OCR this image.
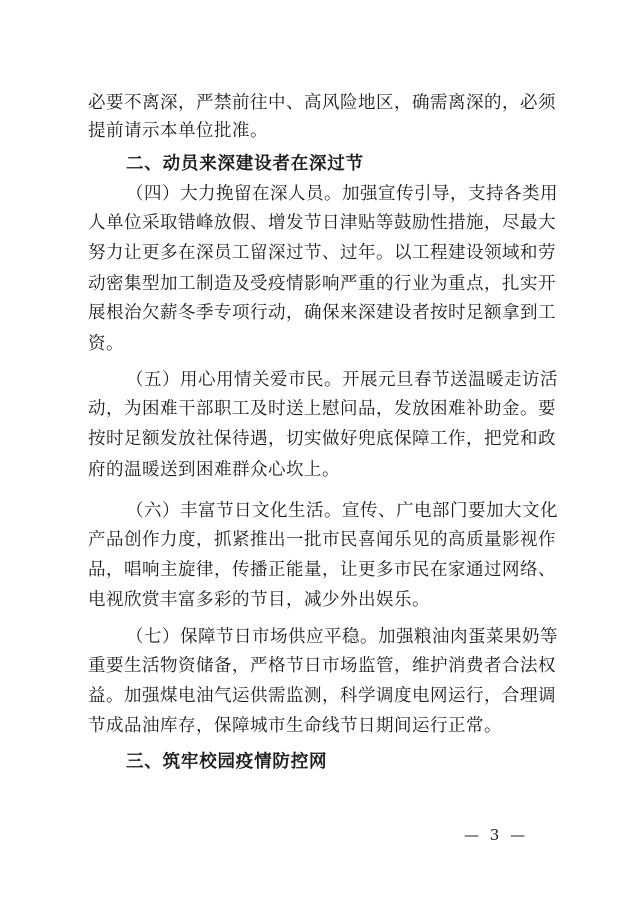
— 3 —
必要不离深，严禁前往中、高风险地区，确需离深的，必须
提前请示本单位批准。
二、动员来深建设者在深过节
（四）大力挽留在深人员。加强宣传引导，支持各类用
人单位采取错峰放假、增发节日津贴等鼓励性措施，尽最大
努力让更多在深员工留深过节、过年。以工程建设领域和劳
动密集型加工制造及受疫情影响严重的行业为重点，扎实开
展根治欠薪冬季专项行动，确保来深建设者按时足额拿到工
资。
（五）用心用情关爱市民。开展元旦春节送温暖走访活
动，为困难干部职工及时送上慰问品，发放困难补助金。要
按时足额发放社保待遇，切实做好兜底保障工作，把党和政
府的温暖送到困难群众心坎上。
（六）丰富节日文化生活。宣传、广电部门要加大文化
产品创作力度，抓紧推出一批市民喜闻乐见的高质量影视作
品，唱响主旋律，传播正能量，让更多市民在家通过网络、
电视欣赏丰富多彩的节目，减少外出娱乐。
（七）保障节日市场供应平稳。加强粮油肉蛋菜果奶等
重要生活物资储备，严格节日市场监管，维护消费者合法权
益。加强煤电油气运供需监测，科学调度电网运行，合理调
节成品油库存，保障城市生命线节日期间运行正常。
三、筑牢校园疫情防控网
